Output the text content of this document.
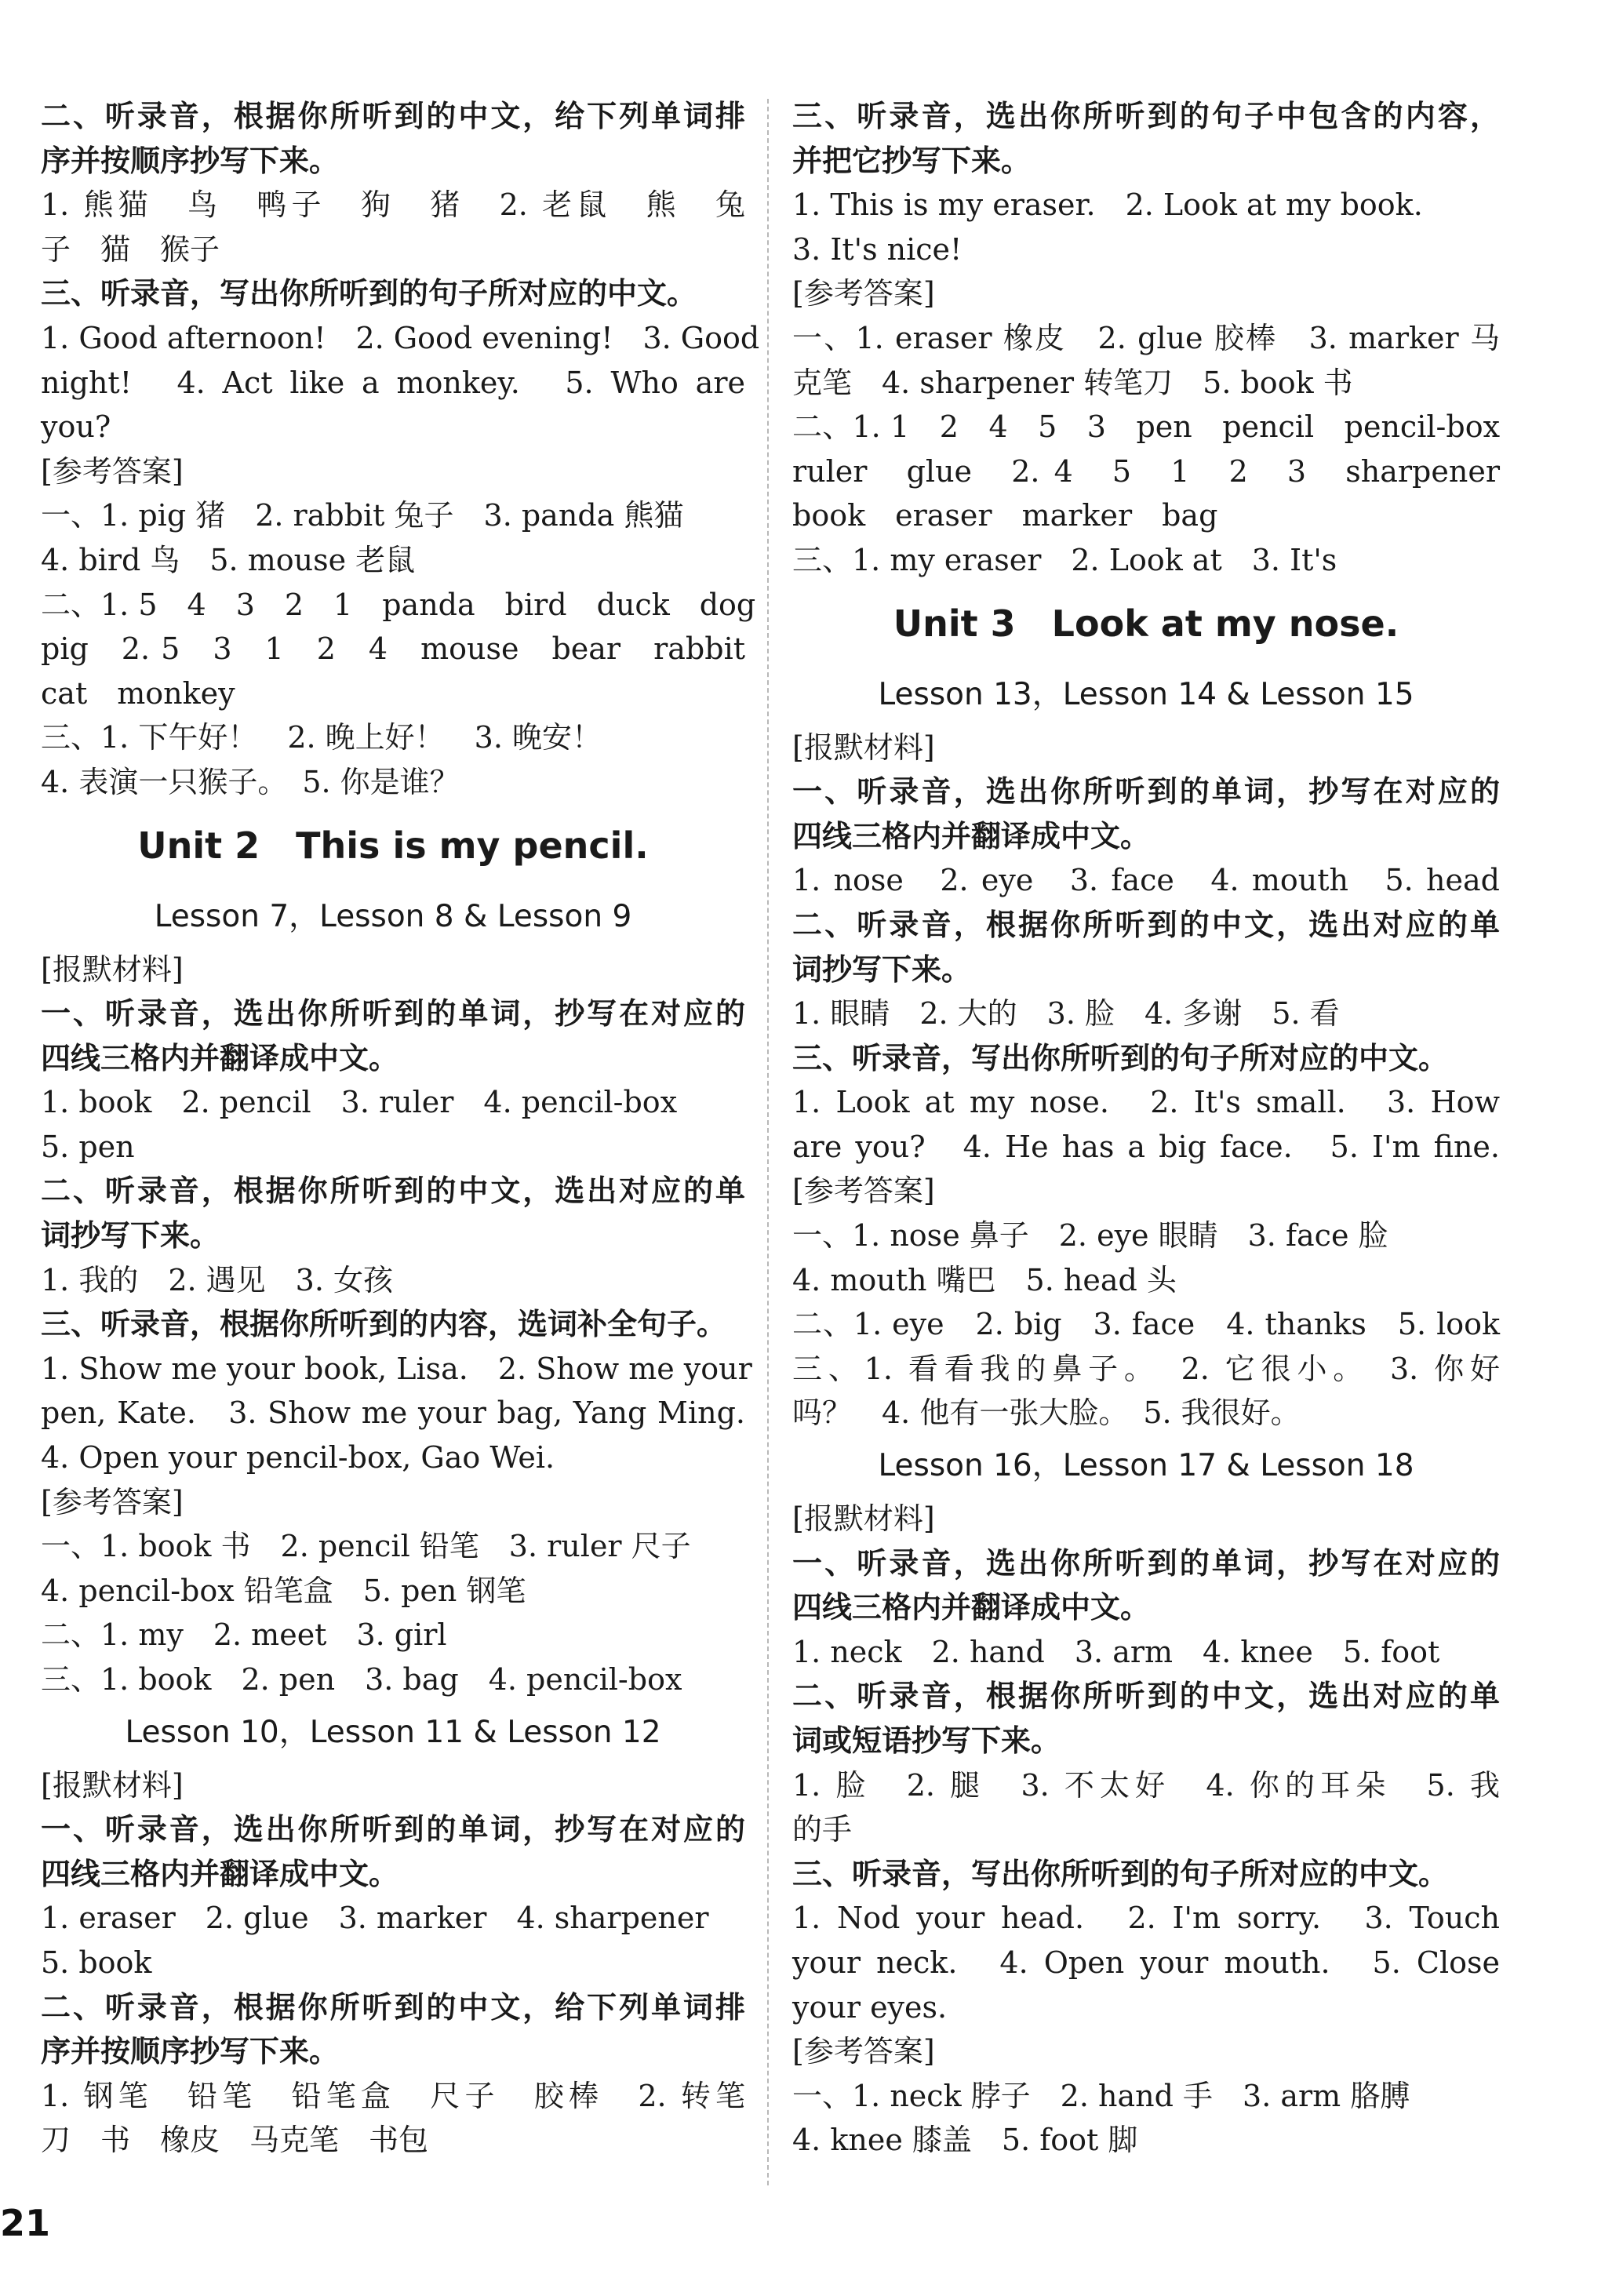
二、听录音，根据你所听到的中文，给下列单词排
序并按顺序抄写下来。
1. 熊猫　鸟　鸭子　狗　猪　2. 老鼠　熊　兔
子　猫　猴子
三、听录音，写出你所听到的句子所对应的中文。
1. Good afternoon!　2. Good evening!　3. Good
night!　4. Act like a monkey.　5. Who are
you?
[参考答案]
一、1. pig 猪　2. rabbit 兔子　3. panda 熊猫
4. bird 鸟　5. mouse 老鼠
二、1. 5　4　3　2　1　panda　bird　duck　dog
pig　2. 5　3　1　2　4　mouse　bear　rabbit
cat　monkey
三、1. 下午好！　2. 晚上好！　3. 晚安！
4. 表演一只猴子。　5. 你是谁？
Unit 2　This is my pencil.
Lesson 7，Lesson 8 & Lesson 9
[报默材料]
一、听录音，选出你所听到的单词，抄写在对应的
四线三格内并翻译成中文。
1. book　2. pencil　3. ruler　4. pencil-box
5. pen
二、听录音，根据你所听到的中文，选出对应的单
词抄写下来。
1. 我的　2. 遇见　3. 女孩
三、听录音，根据你所听到的内容，选词补全句子。
1. Show me your book, Lisa.　2. Show me your
pen, Kate.　3. Show me your bag, Yang Ming.
4. Open your pencil-box, Gao Wei.
[参考答案]
一、1. book 书　2. pencil 铅笔　3. ruler 尺子
4. pencil-box 铅笔盒　5. pen 钢笔
二、1. my　2. meet　3. girl
三、1. book　2. pen　3. bag　4. pencil-box
Lesson 10，Lesson 11 & Lesson 12
[报默材料]
一、听录音，选出你所听到的单词，抄写在对应的
四线三格内并翻译成中文。
1. eraser　2. glue　3. marker　4. sharpener
5. book
二、听录音，根据你所听到的中文，给下列单词排
序并按顺序抄写下来。
1. 钢笔　铅笔　铅笔盒　尺子　胶棒　2. 转笔
刀　书　橡皮　马克笔　书包
三、听录音，选出你所听到的句子中包含的内容，
并把它抄写下来。
1. This is my eraser.　2. Look at my book.
3. It's nice!
[参考答案]
一、1. eraser 橡皮　2. glue 胶棒　3. marker 马
克笔　4. sharpener 转笔刀　5. book 书
二、1. 1　2　4　5　3　pen　pencil　pencil-box
ruler　glue　2. 4　5　1　2　3　sharpener
book　eraser　marker　bag
三、1. my eraser　2. Look at　3. It's
Unit 3　Look at my nose.
Lesson 13，Lesson 14 & Lesson 15
[报默材料]
一、听录音，选出你所听到的单词，抄写在对应的
四线三格内并翻译成中文。
1. nose　2. eye　3. face　4. mouth　5. head
二、听录音，根据你所听到的中文，选出对应的单
词抄写下来。
1. 眼睛　2. 大的　3. 脸　4. 多谢　5. 看
三、听录音，写出你所听到的句子所对应的中文。
1. Look at my nose.　2. It's small.　3. How
are you?　4. He has a big face.　5. I'm fine.
[参考答案]
一、1. nose 鼻子　2. eye 眼睛　3. face 脸
4. mouth 嘴巴　5. head 头
二、1. eye　2. big　3. face　4. thanks　5. look
三、1. 看看我的鼻子。　2. 它很小。　3. 你好
吗？　4. 他有一张大脸。　5. 我很好。
Lesson 16，Lesson 17 & Lesson 18
[报默材料]
一、听录音，选出你所听到的单词，抄写在对应的
四线三格内并翻译成中文。
1. neck　2. hand　3. arm　4. knee　5. foot
二、听录音，根据你所听到的中文，选出对应的单
词或短语抄写下来。
1. 脸　2. 腿　3. 不太好　4. 你的耳朵　5. 我
的手
三、听录音，写出你所听到的句子所对应的中文。
1. Nod your head.　2. I'm sorry.　3. Touch
your neck.　4. Open your mouth.　5. Close
your eyes.
[参考答案]
一、1. neck 脖子　2. hand 手　3. arm 胳膊
4. knee 膝盖　5. foot 脚
21
